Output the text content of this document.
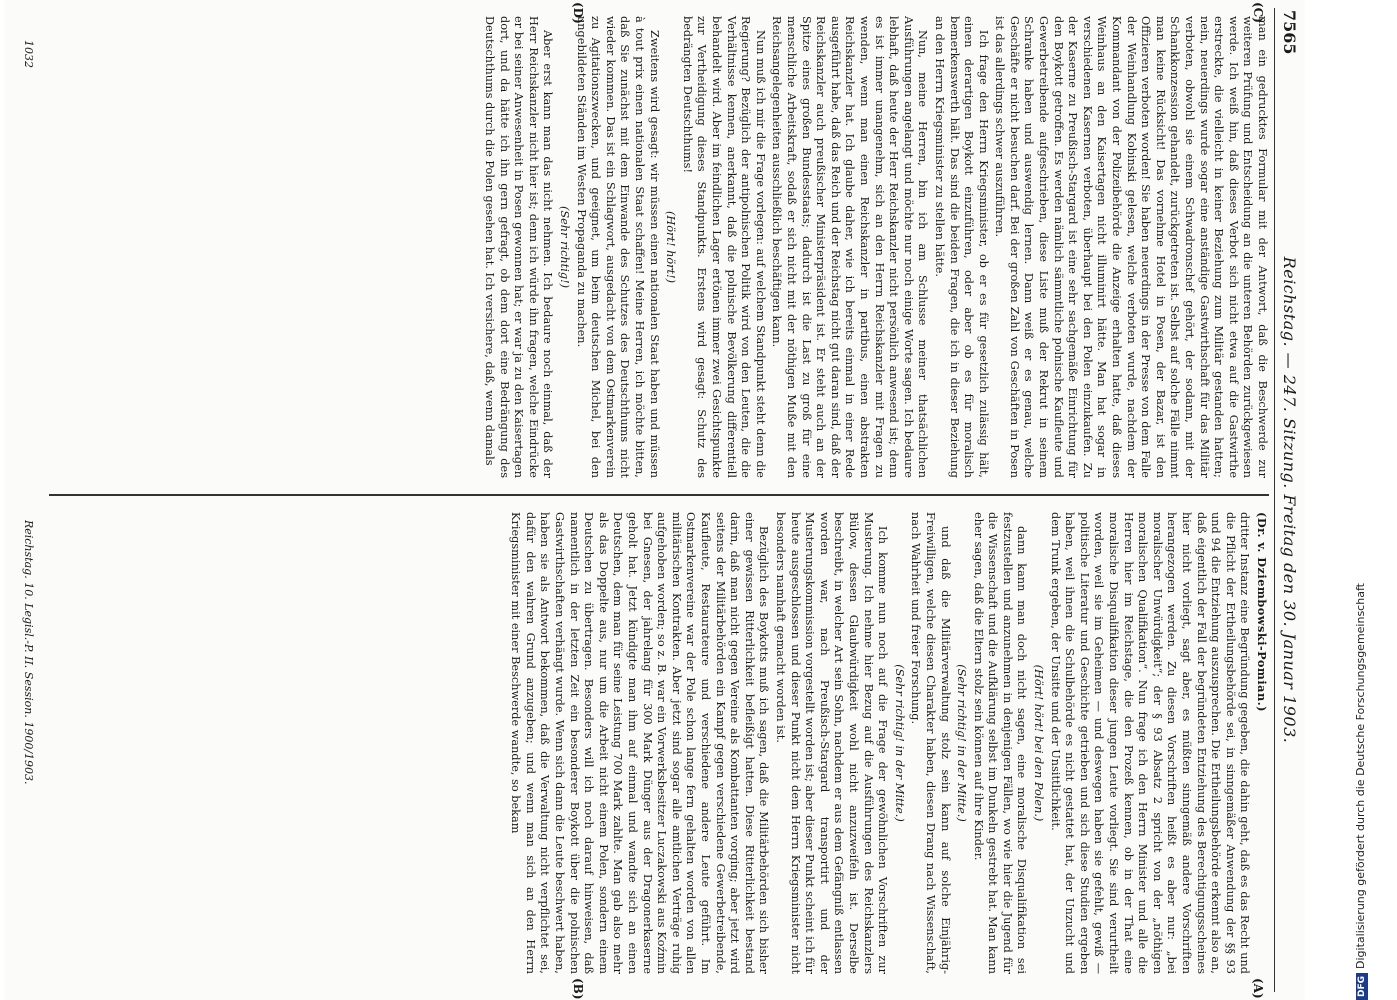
7565
Reichstag. — 247. Sitzung. Freitag den 30. Januar 1903.
(C)
(D)
(A)
(B)

man ein gedrucktes Formular mit der Antwort, daß die Beschwerde zur weiteren Prüfung und Entscheidung an die unteren Behörden zurückgewiesen werde. Ich weiß hin, daß dieses Verbot sich nicht etwa auf die Gastwirthe erstreckte, die vielleicht in keiner Beziehung zum Militär gestanden hatten; nein, neuerdings wurde sogar eine anständige Gastwirthschaft für das Militär verboten, obwohl sie einem Schwadronschef gehört, der sodann, mit der Schankkonzession gehandelt, zurückgetreten ist. Selbst auf solche Fälle nimmt man keine Rücksicht! Das vornehme Hotel in Posen, der Bazar, ist den Offizieren verboten worden! Sie haben neuerdings in der Presse von dem Falle der Weinhandlung Kobinski gelesen, welche verboten wurde, nachdem der Kommandant von der Polizeibehörde die Anzeige erhalten hatte, daß dieses Weinhaus an den Kaisertagen nicht illuminirt hätte. Man hat sogar in verschiedenen Kasernen verboten, überhaupt bei den Polen einzukaufen. Zu der Kaserne zu Preußisch-Stargard ist eine sehr sachgemäße Einrichtung für den Boykott getroffen. Es werden nämlich sämmtliche polnische Kaufleute und Gewerbetreibende aufgeschrieben, diese Liste muß der Rekrut in seinem Schranke haben und auswendig lernen. Dann weiß er es genau, welche Geschäfte er nicht besuchen darf. Bei der großen Zahl von Geschäften in Posen ist das allerdings schwer auszuführen.

Ich frage den Herrn Kriegsminister, ob er es für gesetzlich zulässig hält, einen derartigen Boykott einzuführen, oder aber ob es für moralisch bemerkenswerth hält. Das sind die beiden Fragen, die ich in dieser Beziehung an den Herrn Kriegsminister zu stellen hätte.

Nun, meine Herren, bin ich am Schlusse meiner thatsächlichen Ausführungen angelangt und möchte nur noch einige Worte sagen. Ich bedaure lebhaft, daß heute der Herr Reichskanzler nicht persönlich anwesend ist; denn es ist immer unangenehm, sich an den Herrn Reichskanzler mit Fragen zu wenden, wenn man einen Reichskanzler in partibus, einen abstrakten Reichskanzler hat. Ich glaube daher, wie ich bereits einmal in einer Rede ausgeführt habe, daß das Reich und der Reichstag nicht gut daran sind, daß der Reichskanzler auch preußischer Ministerpräsident ist. Er steht auch an der Spitze eines großen Bundesstaats; dadurch ist die Last zu groß für eine menschliche Arbeitskraft, sodaß er sich nicht mit der nöthigen Muße mit den Reichsangelegenheiten ausschließlich beschäftigen kann.

Nun muß ich mir die Frage vorlegen: auf welchem Standpunkt steht denn die Regierung? Bezüglich der antipolnischen Politik wird von den Leuten, die die Verhältnisse kennen, anerkannt, daß die polnische Bevölkerung differentiell behandelt wird. Aber im feindlichen Lager ertönen immer zwei Gesichtspunkte zur Vertheidigung dieses Standpunkts. Erstens wird gesagt: Schutz des bedrängten Deutschthums!

(Hört! hört!)

Zweitens wird gesagt: wir müssen einen nationalen Staat haben und müssen à tout prix einen nationalen Staat schaffen! Meine Herren, ich möchte bitten, daß Sie zunächst mit dem Einwande des Schutzes des Deutschthums nicht wieder kommen. Das ist ein Schlagwort, ausgedacht von dem Ostmarkenverein zu Agitationszwecken, und geeignet, um beim deutschen Michel, bei den ungebildeten Ständen im Westen Propaganda zu machen.

(Sehr richtig!)

Aber erst kann man das nicht nehmen. Ich bedaure noch einmal, daß der Herr Reichskanzler nicht hier ist; denn ich würde ihn fragen, welche Eindrücke er bei seiner Anwesenheit in Posen gewonnen hat; er war ja zu den Kaisertagen dort, und da hätte ich ihn gern gefragt, ob dem dort eine Bedrängung des Deutschthums durch die Polen gesehen hat. Ich versichere, daß, wenn damals

(Dr. v. Dziembowski-Pomian.)

dritter Instanz eine Begründung gegeben, die dahin geht, daß es das Recht und die Pflicht der Ertheilungsbehörde sei, in sinngemäßer Anwendung der §§ 93 und 94 die Entziehung auszusprechen. Die Ertheilungsbehörde erkennt also an, daß eigentlich der Fall der begründeten Entziehung des Berechtigungsscheines hier nicht vorliegt, sagt aber, es müßten sinngemäß andere Vorschriften herangezogen werden. Zu diesen Vorschriften heißt es aber nur: „bei moralischer Unwürdigkeit“; der § 93 Absatz 2 spricht von der „nöthigen moralischen Qualifikation“. Nun frage ich den Herrn Minister und alle die Herren hier im Reichstage, die den Prozeß kennen, ob in der That eine moralische Disqualifikation dieser jungen Leute vorliegt. Sie sind verurtheilt worden, weil sie im Geheimen — und deswegen haben sie gefehlt, gewiß — politische Literatur und Geschichte getrieben und sich diese Studien ergeben haben, weil ihnen die Schulbehörde es nicht gestattet hat, der Unzucht und dem Trunk ergeben, der Unsitte und der Unsittlichkeit.

(Hört! hört! bei den Polen.)

dann kann man doch nicht sagen, eine moralische Disqualifikation sei festzustellen und anzunehmen in denjenigen Fällen, wo wie hier die Jugend für die Wissenschaft und die Aufklärung selbst im Dunkeln gestrebt hat. Man kann eher sagen, daß die Eltern stolz sein können auf ihre Kinder.

(Sehr richtig! in der Mitte.)

und daß die Militärverwaltung stolz sein kann auf solche Einjährig-Freiwilligen, welche diesen Charakter haben, diesen Drang nach Wissenschaft, nach Wahrheit und freier Forschung.

(Sehr richtig! in der Mitte.)

Ich komme nun noch auf die Frage der gewöhnlichen Vorschriften zur Musterung. Ich nehme hier Bezug auf die Ausführungen des Reichskanzlers Bülow, dessen Glaubwürdigkeit wohl nicht anzuzweifeln ist. Derselbe beschreibt, in welcher Art sein Sohn, nachdem er aus dem Gefängniß entlassen worden war, nach Preußisch-Stargard transportirt und der Musterungskommission vorgestellt worden ist; aber dieser Punkt scheint ich für heute ausgeschlossen und dieser Punkt nicht dem Herrn Kriegsminister nicht besonders namhaft gemacht worden ist.

Bezüglich des Boykotts muß ich sagen, daß die Militärbehörden sich bisher einer gewissen Ritterlichkeit befleißigt hatten. Diese Ritterlichkeit bestand darin, daß man nicht gegen Vereine als Kombattanten vorging; aber jetzt wird seitens der Militärbehörden ein Kampf gegen verschiedene Gewerbetreibende, Kaufleute, Restaurateure und verschiedene andere Leute geführt. Im Ostmarkenvereine war der Pole schon lange fern gehalten worden von allen militärischen Kontrakten. Aber jetzt sind sogar alle amtlichen Verträge ruhig aufgehoben worden; so z. B. war ein Vorwerksbesitzer Luczakowski aus Koźmin bei Gnesen, der jahrelang für 300 Mark Dünger aus der Dragonerkaserne geholt hat. Jetzt kündigte man ihm auf einmal und wandte sich an einen Deutschen, dem man für seine Leistung 700 Mark zahlte. Man gab also mehr als das Doppelte aus, nur um die Arbeit nicht einem Polen, sondern einem Deutschen zu übertragen. Besonders will ich noch darauf hinweisen, daß namentlich in der letzten Zeit ein besonderer Boykott über die polnischen Gastwirthschaften verhängt wurde. Wenn sich dann die Leute beschwert haben, haben sie als Antwort bekommen, daß die Verwaltung nicht verpflichtet sei, dafür den wahren Grund anzugeben; und wenn man sich an den Herrn Kriegsminister mit einer Beschwerde wandte, so bekam

Reichstag. 10. Legisl.-P. II. Session. 1900/1903.
1032
DFGDigitalisierung gefördert durch die Deutsche Forschungsgemeinschaft
